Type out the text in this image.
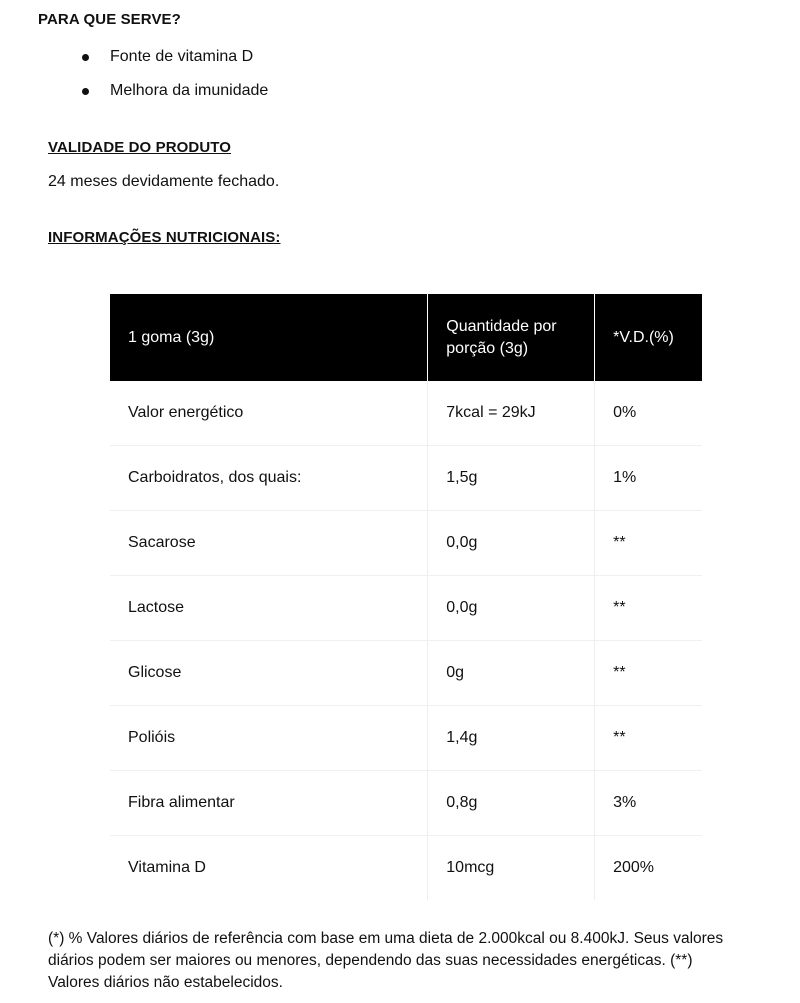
PARA QUE SERVE?
Fonte de vitamina D
Melhora da imunidade
VALIDADE DO PRODUTO
24 meses devidamente fechado.
INFORMAÇÕES NUTRICIONAIS:
1 goma (3g)	Quantidade por porção (3g)	*V.D.(%)
Valor energético	7kcal = 29kJ	0%
Carboidratos, dos quais:	1,5g	1%
Sacarose	0,0g	**
Lactose	0,0g	**
Glicose	0g	**
Polióis	1,4g	**
Fibra alimentar	0,8g	3%
Vitamina D	10mcg	200%
(*) % Valores diários de referência com base em uma dieta de 2.000kcal ou 8.400kJ. Seus valores diários podem ser maiores ou menores, dependendo das suas necessidades energéticas. (**) Valores diários não estabelecidos.
